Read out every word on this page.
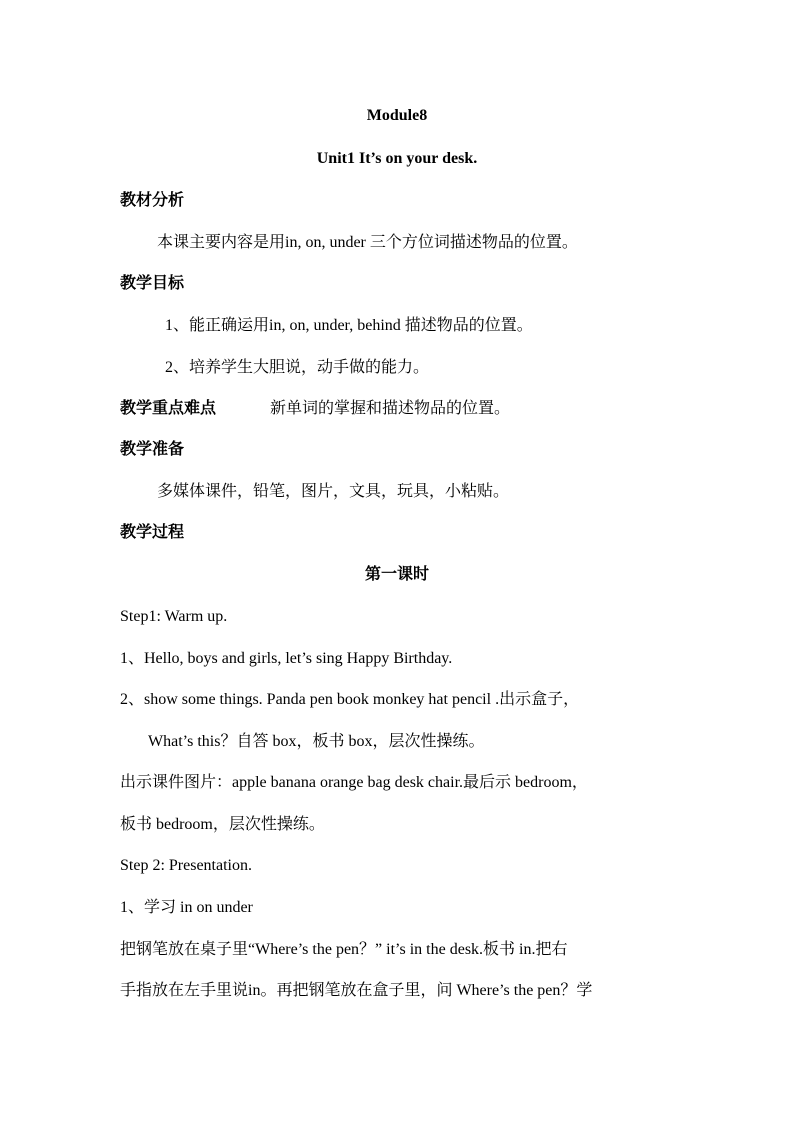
Module8
Unit1 It’s on your desk.
教材分析
本课主要内容是用in, on, under 三个方位词描述物品的位置。
教学目标
1、能正确运用in, on, under, behind 描述物品的位置。
2、培养学生大胆说，动手做的能力。
教学重点难点	新单词的掌握和描述物品的位置。
教学准备
多媒体课件，铅笔，图片，文具，玩具，小粘贴。
教学过程
第一课时
Step1: Warm up.
1、Hello, boys and girls, let’s sing Happy Birthday.
2、show some things. Panda pen book monkey hat pencil .出示盒子，
What’s this？自答 box，板书 box，层次性操练。
出示课件图片：apple banana orange bag desk chair.最后示 bedroom，
板书 bedroom，层次性操练。
Step 2: Presentation.
1、学习 in on under
把钢笔放在桌子里“Where’s the pen？” it’s in the desk.板书 in.把右
手指放在左手里说in。再把钢笔放在盒子里，问 Where’s the pen？学
